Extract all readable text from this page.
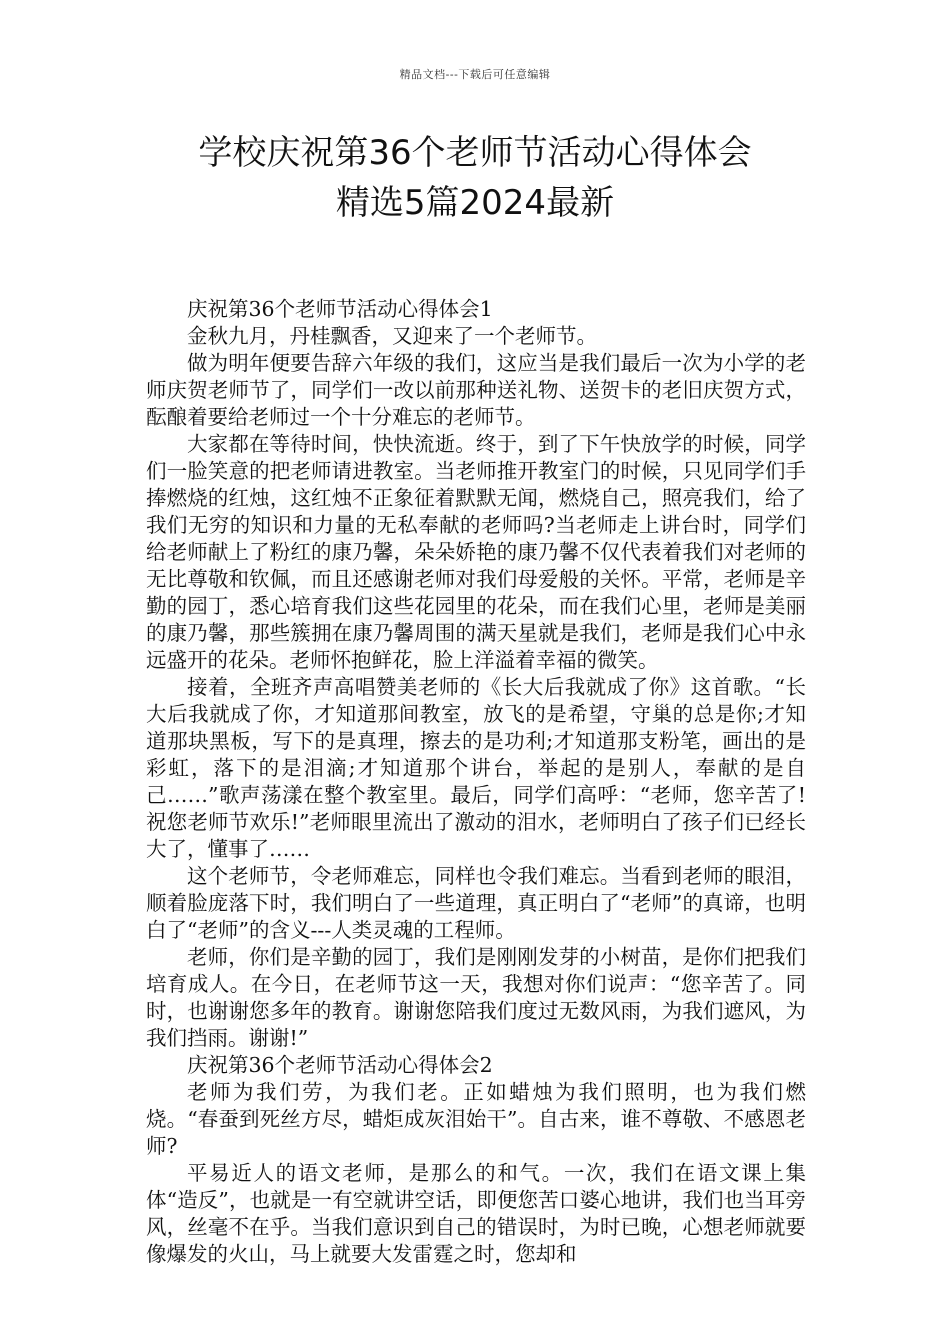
精品文档---下载后可任意编辑
学校庆祝第36个老师节活动心得体会
精选5篇2024最新

庆祝第36个老师节活动心得体会1

金秋九月，丹桂飘香，又迎来了一个老师节。

做为明年便要告辞六年级的我们，这应当是我们最后一次为小学的老师庆贺老师节了，同学们一改以前那种送礼物、送贺卡的老旧庆贺方式，酝酿着要给老师过一个十分难忘的老师节。

大家都在等待时间，快快流逝。终于，到了下午快放学的时候，同学们一脸笑意的把老师请进教室。当老师推开教室门的时候，只见同学们手捧燃烧的红烛，这红烛不正象征着默默无闻，燃烧自己，照亮我们，给了我们无穷的知识和力量的无私奉献的老师吗?当老师走上讲台时，同学们给老师献上了粉红的康乃馨，朵朵娇艳的康乃馨不仅代表着我们对老师的无比尊敬和钦佩，而且还感谢老师对我们母爱般的关怀。平常，老师是辛勤的园丁，悉心培育我们这些花园里的花朵，而在我们心里，老师是美丽的康乃馨，那些簇拥在康乃馨周围的满天星就是我们，老师是我们心中永远盛开的花朵。老师怀抱鲜花，脸上洋溢着幸福的微笑。

接着，全班齐声高唱赞美老师的《长大后我就成了你》这首歌。“长大后我就成了你，才知道那间教室，放飞的是希望，守巢的总是你;才知道那块黑板，写下的是真理，擦去的是功利;才知道那支粉笔，画出的是彩虹，落下的是泪滴;才知道那个讲台，举起的是别人，奉献的是自己……”歌声荡漾在整个教室里。最后，同学们高呼：“老师，您辛苦了!祝您老师节欢乐!”老师眼里流出了激动的泪水，老师明白了孩子们已经长大了，懂事了……

这个老师节，令老师难忘，同样也令我们难忘。当看到老师的眼泪，顺着脸庞落下时，我们明白了一些道理，真正明白了“老师”的真谛，也明白了“老师”的含义---人类灵魂的工程师。

老师，你们是辛勤的园丁，我们是刚刚发芽的小树苗，是你们把我们培育成人。在今日，在老师节这一天，我想对你们说声：“您辛苦了。同时，也谢谢您多年的教育。谢谢您陪我们度过无数风雨，为我们遮风，为我们挡雨。谢谢!”

庆祝第36个老师节活动心得体会2

老师为我们劳，为我们老。正如蜡烛为我们照明，也为我们燃烧。“春蚕到死丝方尽，蜡炬成灰泪始干”。自古来，谁不尊敬、不感恩老师?

平易近人的语文老师，是那么的和气。一次，我们在语文课上集体“造反”，也就是一有空就讲空话，即便您苦口婆心地讲，我们也当耳旁风，丝毫不在乎。当我们意识到自己的错误时，为时已晚，心想老师就要像爆发的火山，马上就要大发雷霆之时，您却和
